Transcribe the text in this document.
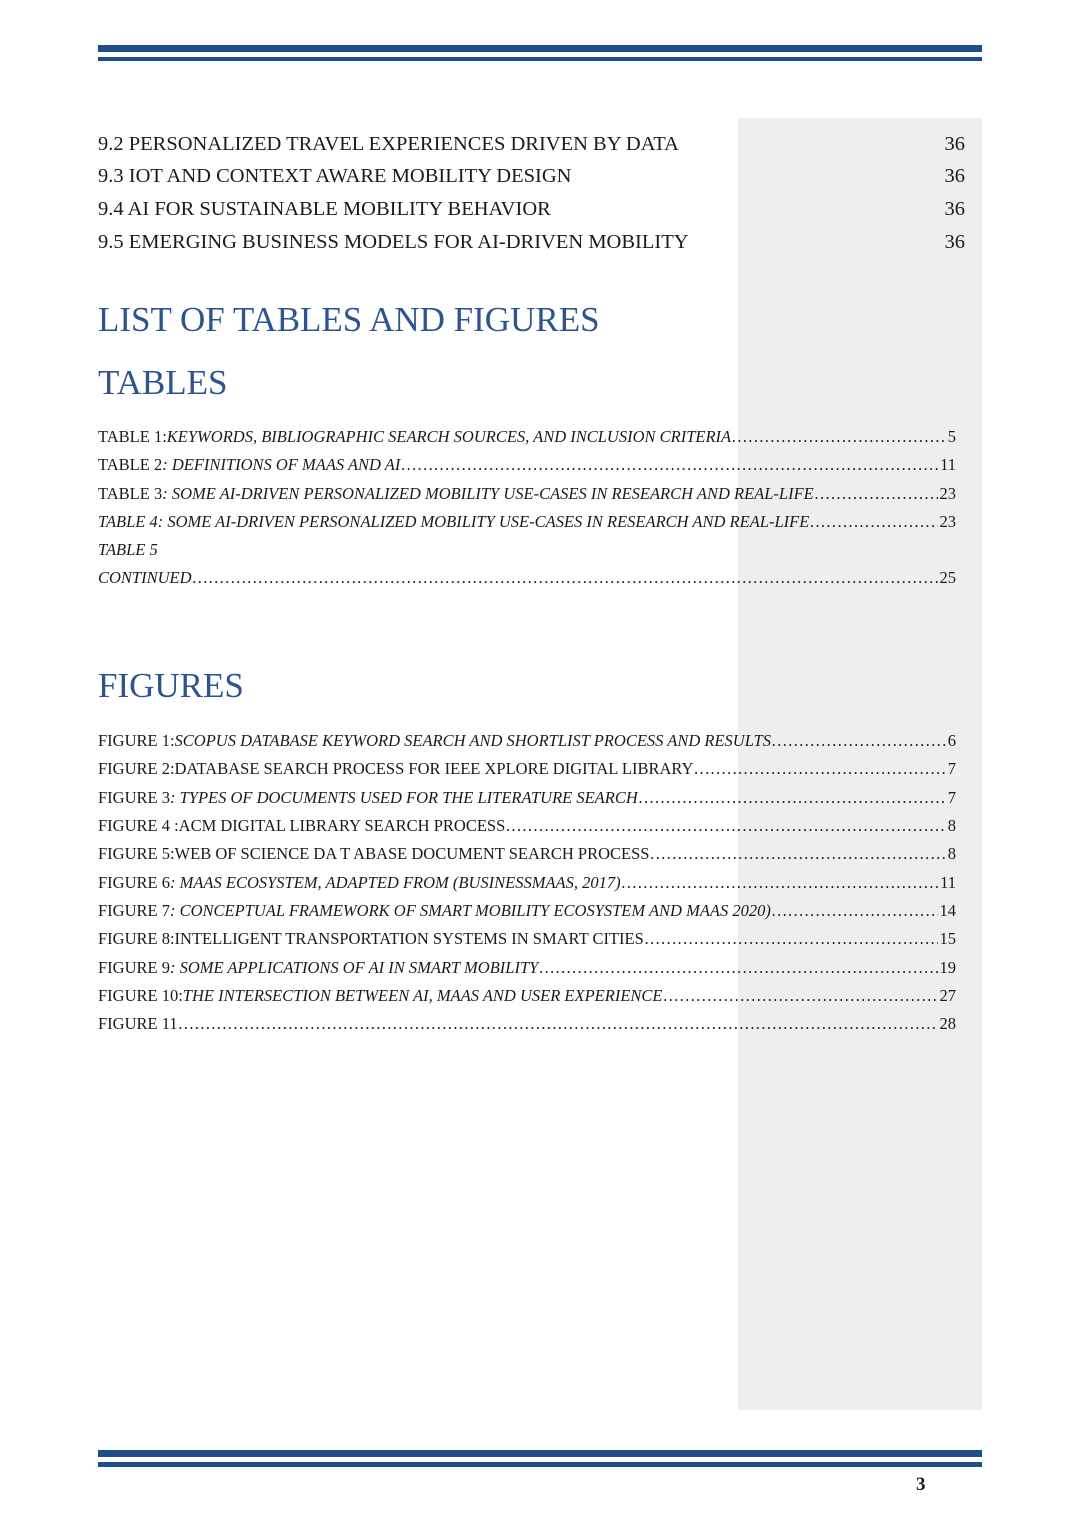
9.2 PERSONALIZED TRAVEL EXPERIENCES DRIVEN BY DATA	36
9.3 IOT AND CONTEXT AWARE MOBILITY DESIGN	36
9.4 AI FOR SUSTAINABLE MOBILITY BEHAVIOR	36
9.5 EMERGING BUSINESS MODELS FOR AI-DRIVEN MOBILITY	36
LIST OF TABLES AND FIGURES
TABLES
TABLE 1: KEYWORDS, BIBLIOGRAPHIC SEARCH SOURCES, AND INCLUSION CRITERIA …………………………………………………………………………………………………………………………………………………………………………………………	5
TABLE 2 : DEFINITIONS OF MAAS AND AI …………………………………………………………………………………………………………………………………………………………………………………………	11
TABLE 3 : SOME AI-DRIVEN PERSONALIZED MOBILITY USE-CASES IN RESEARCH AND REAL-LIFE …………………………………………………………………………………………………………………………………………………………………………………………	23
TABLE 4 : SOME AI-DRIVEN PERSONALIZED MOBILITY USE-CASES IN RESEARCH AND REAL-LIFE …………………………………………………………………………………………………………………………………………………………………………………………	23
TABLE 5
CONTINUED …………………………………………………………………………………………………………………………………………………………………………………………	25
FIGURES
FIGURE 1: SCOPUS DATABASE KEYWORD SEARCH AND SHORTLIST PROCESS AND RESULTS …………………………………………………………………………………………………………………………………………………………………………………………	6
FIGURE 2: DATABASE SEARCH PROCESS FOR IEEE XPLORE DIGITAL LIBRARY …………………………………………………………………………………………………………………………………………………………………………………………	7
FIGURE 3 : TYPES OF DOCUMENTS USED FOR THE LITERATURE SEARCH …………………………………………………………………………………………………………………………………………………………………………………………	7
FIGURE 4 : ACM DIGITAL LIBRARY SEARCH PROCESS …………………………………………………………………………………………………………………………………………………………………………………………	8
FIGURE 5: WEB OF SCIENCE DA T ABASE DOCUMENT SEARCH PROCESS …………………………………………………………………………………………………………………………………………………………………………………………	8
FIGURE 6 : MAAS ECOSYSTEM, ADAPTED FROM (BUSINESSMAAS, 2017) …………………………………………………………………………………………………………………………………………………………………………………………	11
FIGURE 7 : CONCEPTUAL FRAMEWORK OF SMART MOBILITY ECOSYSTEM AND MAAS 2020) …………………………………………………………………………………………………………………………………………………………………………………………	14
FIGURE 8: INTELLIGENT TRANSPORTATION SYSTEMS IN SMART CITIES …………………………………………………………………………………………………………………………………………………………………………………………	15
FIGURE 9 : SOME APPLICATIONS OF AI IN SMART MOBILITY …………………………………………………………………………………………………………………………………………………………………………………………	19
FIGURE 10: THE INTERSECTION BETWEEN AI, MAAS AND USER EXPERIENCE …………………………………………………………………………………………………………………………………………………………………………………………	27
FIGURE 11 …………………………………………………………………………………………………………………………………………………………………………………………	28
3
